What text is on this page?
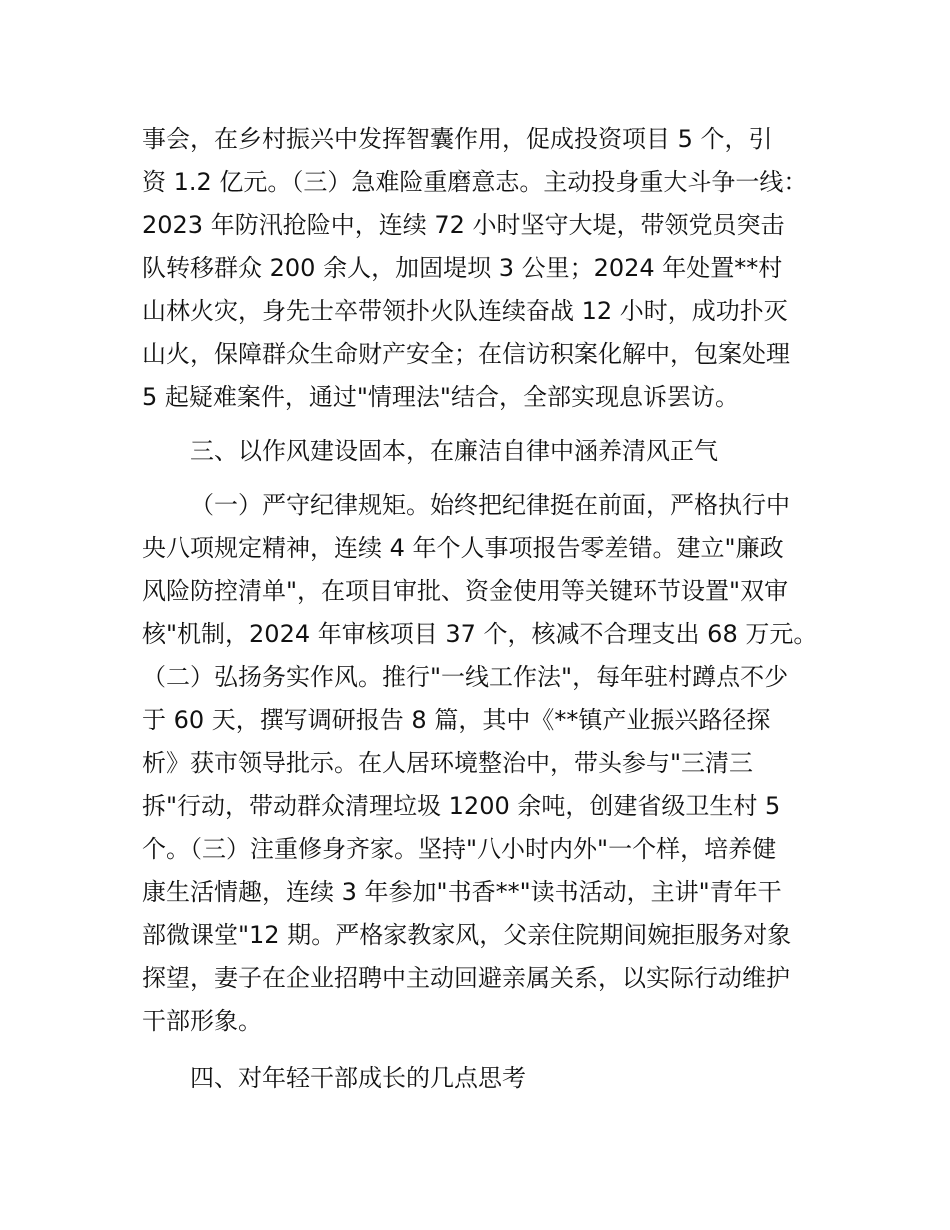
事会，在乡村振兴中发挥智囊作用，促成投资项目 5 个，引
资 1.2 亿元。（三）急难险重磨意志。主动投身重大斗争一线：
2023 年防汛抢险中，连续 72 小时坚守大堤，带领党员突击
队转移群众 200 余人，加固堤坝 3 公里；2024 年处置**村
山林火灾，身先士卒带领扑火队连续奋战 12 小时，成功扑灭
山火，保障群众生命财产安全；在信访积案化解中，包案处理
5 起疑难案件，通过"情理法"结合，全部实现息诉罢访。
三、以作风建设固本，在廉洁自律中涵养清风正气
（一）严守纪律规矩。始终把纪律挺在前面，严格执行中
央八项规定精神，连续 4 年个人事项报告零差错。建立"廉政
风险防控清单"，在项目审批、资金使用等关键环节设置"双审
核"机制，2024 年审核项目 37 个，核减不合理支出 68 万元。
（二）弘扬务实作风。推行"一线工作法"，每年驻村蹲点不少
于 60 天，撰写调研报告 8 篇，其中《**镇产业振兴路径探
析》获市领导批示。在人居环境整治中，带头参与"三清三
拆"行动，带动群众清理垃圾 1200 余吨，创建省级卫生村 5
个。（三）注重修身齐家。坚持"八小时内外"一个样，培养健
康生活情趣，连续 3 年参加"书香**"读书活动，主讲"青年干
部微课堂"12 期。严格家教家风，父亲住院期间婉拒服务对象
探望，妻子在企业招聘中主动回避亲属关系，以实际行动维护
干部形象。
四、对年轻干部成长的几点思考
